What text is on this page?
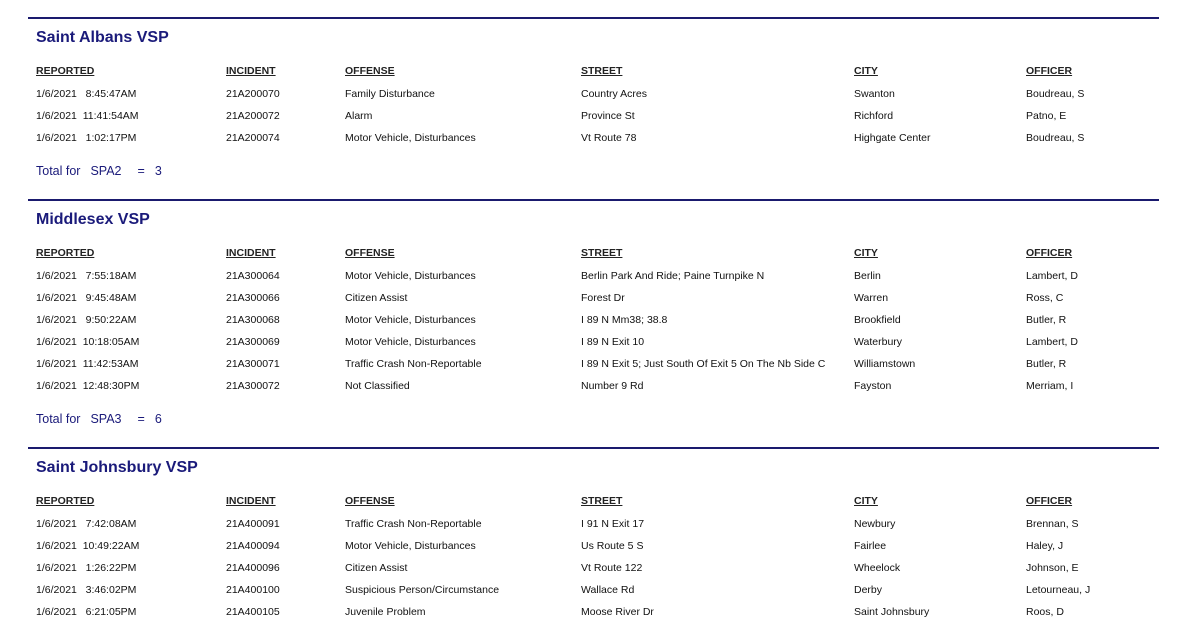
Saint Albans VSP
REPORTED	INCIDENT	OFFENSE	STREET	CITY	OFFICER
1/6/2021   8:45:47AM	21A200070	Family Disturbance	Country Acres	Swanton	Boudreau, S
1/6/2021  11:41:54AM	21A200072	Alarm	Province St	Richford	Patno, E
1/6/2021   1:02:17PM	21A200074	Motor Vehicle, Disturbances	Vt Route 78	Highgate Center	Boudreau, S
Total for SPA2 = 3
Middlesex VSP
REPORTED	INCIDENT	OFFENSE	STREET	CITY	OFFICER
1/6/2021   7:55:18AM	21A300064	Motor Vehicle, Disturbances	Berlin Park And Ride; Paine Turnpike N	Berlin	Lambert, D
1/6/2021   9:45:48AM	21A300066	Citizen Assist	Forest Dr	Warren	Ross, C
1/6/2021   9:50:22AM	21A300068	Motor Vehicle, Disturbances	I 89 N Mm38; 38.8	Brookfield	Butler, R
1/6/2021  10:18:05AM	21A300069	Motor Vehicle, Disturbances	I 89 N Exit 10	Waterbury	Lambert, D
1/6/2021  11:42:53AM	21A300071	Traffic Crash Non-Reportable	I 89 N Exit 5; Just South Of Exit 5 On The Nb Side C	Williamstown	Butler, R
1/6/2021  12:48:30PM	21A300072	Not Classified	Number 9 Rd	Fayston	Merriam, I
Total for SPA3 = 6
Saint Johnsbury VSP
REPORTED	INCIDENT	OFFENSE	STREET	CITY	OFFICER
1/6/2021   7:42:08AM	21A400091	Traffic Crash Non-Reportable	I 91 N Exit 17	Newbury	Brennan, S
1/6/2021  10:49:22AM	21A400094	Motor Vehicle, Disturbances	Us Route 5 S	Fairlee	Haley, J
1/6/2021   1:26:22PM	21A400096	Citizen Assist	Vt Route 122	Wheelock	Johnson, E
1/6/2021   3:46:02PM	21A400100	Suspicious Person/Circumstance	Wallace Rd	Derby	Letourneau, J
1/6/2021   6:21:05PM	21A400105	Juvenile Problem	Moose River Dr	Saint Johnsbury	Roos, D
